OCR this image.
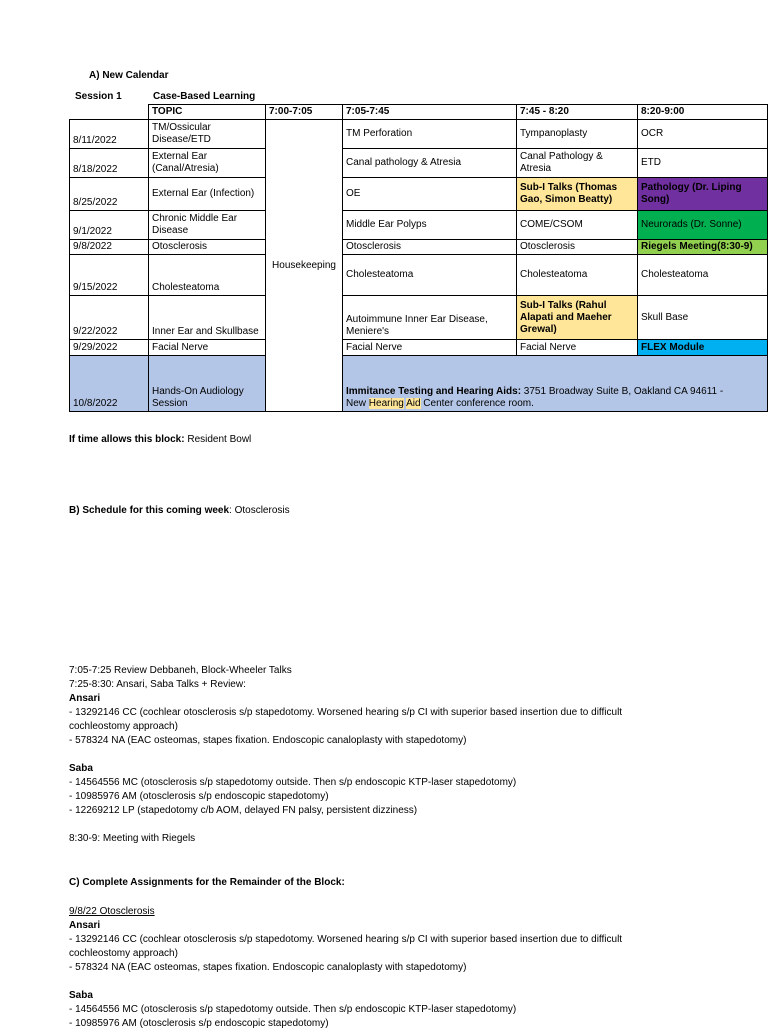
A) New Calendar
Session 1	Case-Based Learning
	TOPIC	7:00-7:05	7:05-7:45	7:45 - 8:20	8:20-9:00
8/11/2022	TM/Ossicular Disease/ETD	Housekeeping	TM Perforation	Tympanoplasty	OCR
8/18/2022	External Ear (Canal/Atresia)		Canal pathology & Atresia	Canal Pathology & Atresia	ETD
8/25/2022	External Ear (Infection)		OE	Sub-I Talks (Thomas Gao, Simon Beatty)	Pathology (Dr. Liping Song)
9/1/2022	Chronic Middle Ear Disease		Middle Ear Polyps	COME/CSOM	Neurorads (Dr. Sonne)
9/8/2022	Otosclerosis		Otosclerosis	Otosclerosis	Riegels Meeting(8:30-9)
9/15/2022	Cholesteatoma		Cholesteatoma	Cholesteatoma	Cholesteatoma
9/22/2022	Inner Ear and Skullbase		Autoimmune Inner Ear Disease, Meniere's	Sub-I Talks (Rahul Alapati and Maeher Grewal)	Skull Base
9/29/2022	Facial Nerve		Facial Nerve	Facial Nerve	FLEX Module
10/8/2022	Hands-On Audiology Session		Immitance Testing and Hearing Aids: 3751 Broadway Suite B, Oakland CA 94611 -
New Hearing Aid Center conference room.		
If time allows this block: Resident Bowl
B) Schedule for this coming week: Otosclerosis
7:05-7:25 Review Debbaneh, Block-Wheeler Talks
7:25-8:30: Ansari, Saba Talks + Review:
Ansari
- 13292146 CC (cochlear otosclerosis s/p stapedotomy. Worsened hearing s/p CI with superior based insertion due to difficult
cochleostomy approach)
- 578324 NA (EAC osteomas, stapes fixation. Endoscopic canaloplasty with stapedotomy)
Saba
- 14564556 MC (otosclerosis s/p stapedotomy outside. Then s/p endoscopic KTP-laser stapedotomy)
- 10985976 AM (otosclerosis s/p endoscopic stapedotomy)
- 12269212 LP (stapedotomy c/b AOM, delayed FN palsy, persistent dizziness)
8:30-9: Meeting with Riegels
C) Complete Assignments for the Remainder of the Block:
9/8/22 Otosclerosis
Ansari
- 13292146 CC (cochlear otosclerosis s/p stapedotomy. Worsened hearing s/p CI with superior based insertion due to difficult
cochleostomy approach)
- 578324 NA (EAC osteomas, stapes fixation. Endoscopic canaloplasty with stapedotomy)
Saba
- 14564556 MC (otosclerosis s/p stapedotomy outside. Then s/p endoscopic KTP-laser stapedotomy)
- 10985976 AM (otosclerosis s/p endoscopic stapedotomy)
